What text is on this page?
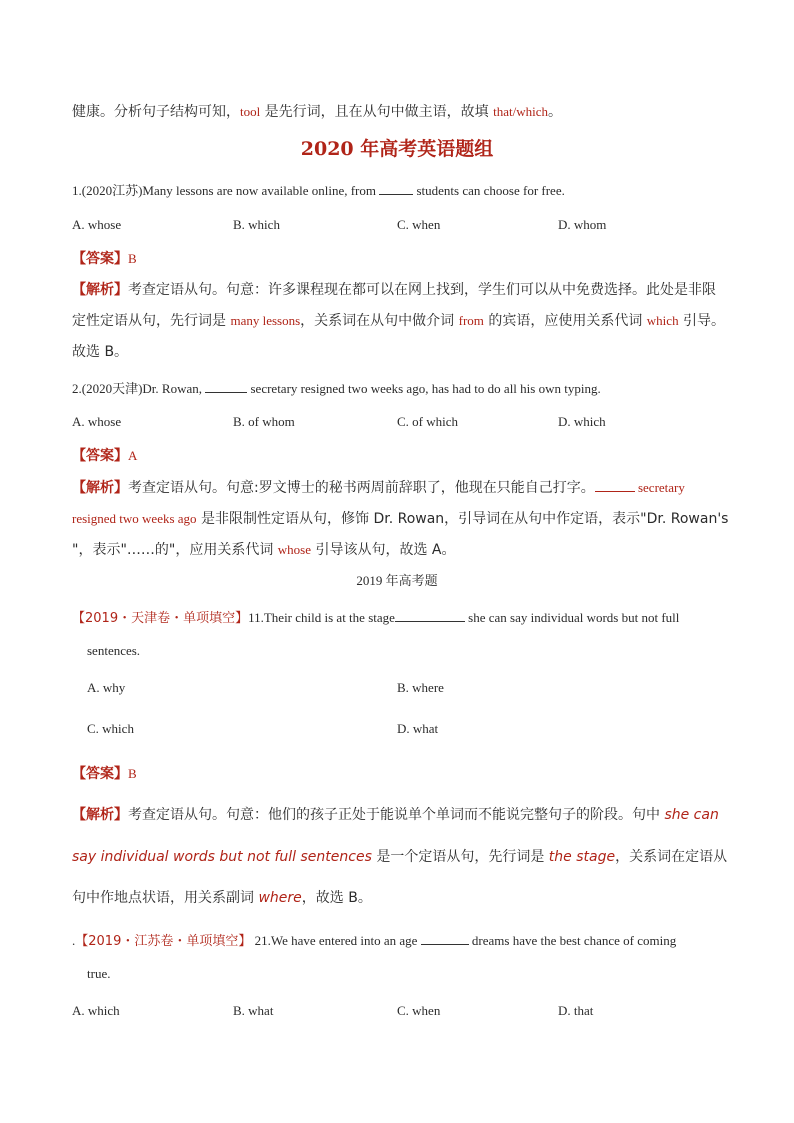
健康。分析句子结构可知，tool 是先行词，且在从句中做主语，故填 that/which。
2020 年高考英语题组
1.(2020江苏)Many lessons are now available online, from	students can choose for free.
A. whose	B. which	C. when	D. whom
【答案】B
【解析】考查定语从句。句意：许多课程现在都可以在网上找到，学生们可以从中免费选择。此处是非限
定性定语从句，先行词是 many lessons，关系词在从句中做介词 from 的宾语，应使用关系代词 which 引导。
故选 B。
2.(2020天津)Dr. Rowan,	secretary resigned two weeks ago, has had to do all his own typing.
A. whose	B. of whom	C. of which	D. which
【答案】A
【解析】考查定语从句。句意:罗文博士的秘书两周前辞职了，他现在只能自己打字。	secretary
resigned two weeks ago 是非限制性定语从句，修饰 Dr. Rowan，引导词在从句中作定语，表示"Dr. Rowan's
"，表示"……的"，应用关系代词 whose 引导该从句，故选 A。
2019 年高考题
【2019・天津卷・单项填空】11.Their child is at the stage	she can say individual words but not full
sentences.
A. why	B. where
C. which	D. what
【答案】B
【解析】考查定语从句。句意：他们的孩子正处于能说单个单词而不能说完整句子的阶段。句中 she can
say individual words but not full sentences 是一个定语从句，先行词是 the stage，关系词在定语从
句中作地点状语，用关系副词 where，故选 B。
.【2019・江苏卷・单项填空】 21.We have entered into an age	dreams have the best chance of coming
true.
A. which	B. what	C. when	D. that
